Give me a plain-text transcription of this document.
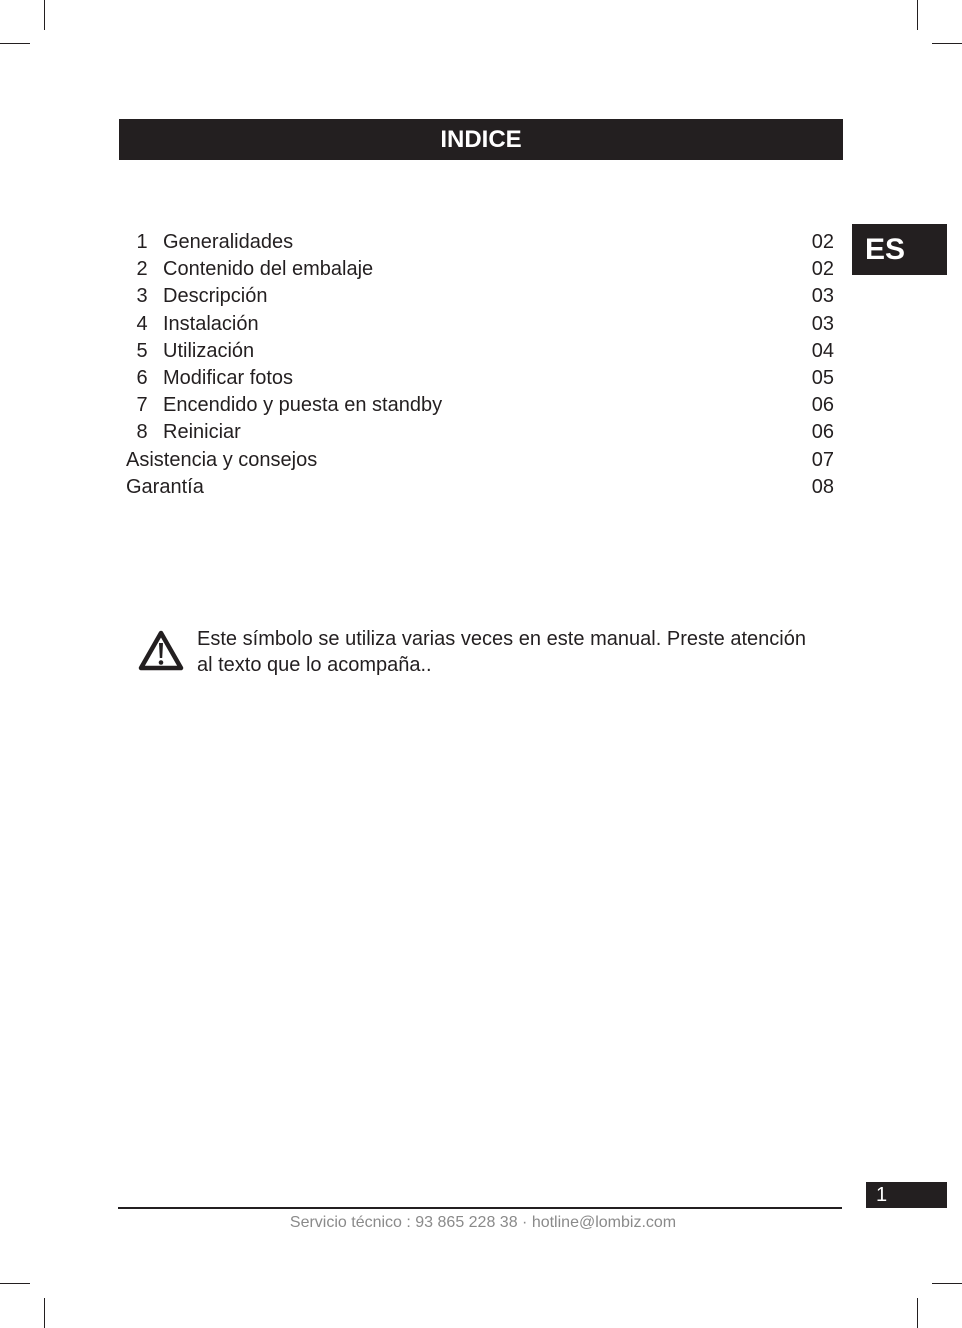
INDICE
ES
1 Generalidades	02
2 Contenido del embalaje	02
3 Descripción	03
4 Instalación	03
5 Utilización	04
6 Modificar fotos	05
7 Encendido y puesta en standby	06
8 Reiniciar	06
Asistencia y consejos	07
Garantía	08
Este símbolo se utiliza varias veces en este manual. Preste atención al texto que lo acompaña..
1
Servicio técnico : 93 865 228 38 · hotline@lombiz.com
